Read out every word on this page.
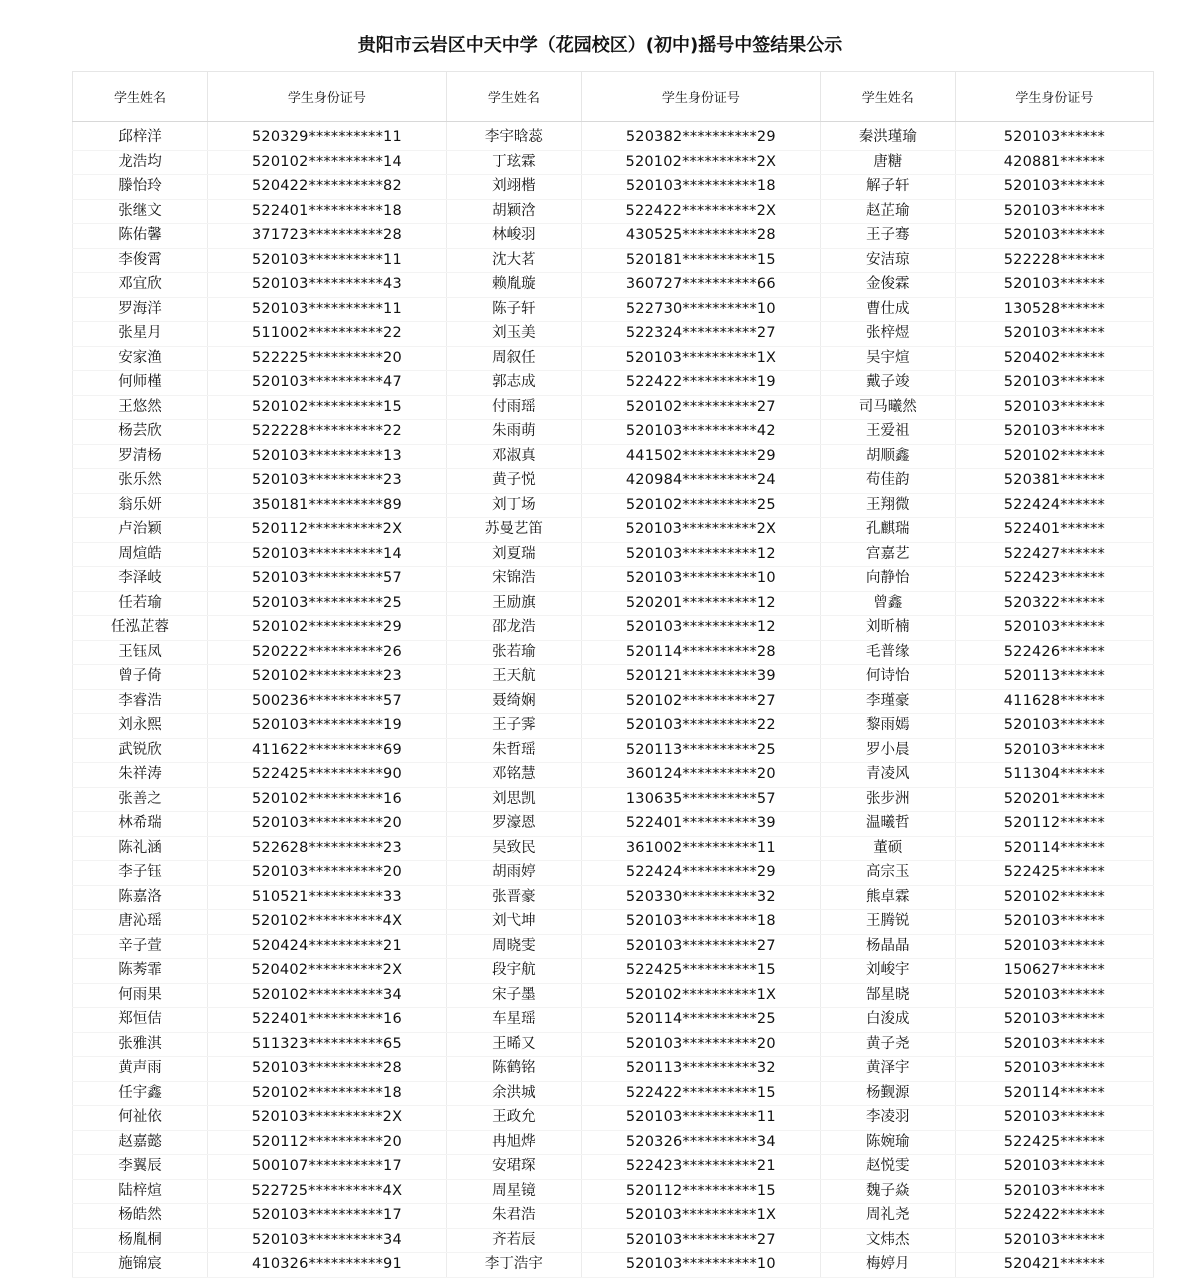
贵阳市云岩区中天中学（花园校区）(初中)摇号中签结果公示
学生姓名	学生身份证号	学生姓名	学生身份证号	学生姓名	学生身份证号

邱梓洋	520329**********11	李宇晗蕊	520382**********29	秦洪瑾瑜	520103******
龙浩均	520102**********14	丁玹霖	520102**********2X	唐糖	420881******
滕怡玲	520422**********82	刘翊楷	520103**********18	解子轩	520103******
张继文	522401**********18	胡颖浛	522422**********2X	赵芷瑜	520103******
陈佑馨	371723**********28	林峻羽	430525**********28	王子骞	520103******
李俊霄	520103**********11	沈大茗	520181**********15	安洁琼	522228******
邓宜欣	520103**********43	赖胤璇	360727**********66	金俊霖	520103******
罗海洋	520103**********11	陈子轩	522730**********10	曹仕成	130528******
张星月	511002**********22	刘玉美	522324**********27	张梓煜	520103******
安家渔	522225**********20	周叙任	520103**********1X	吴宇煊	520402******
何师槿	520103**********47	郭志成	522422**********19	戴子竣	520103******
王悠然	520102**********15	付雨瑶	520102**********27	司马曦然	520103******
杨芸欣	522228**********22	朱雨萌	520103**********42	王爱祖	520103******
罗清杨	520103**********13	邓淑真	441502**********29	胡顺鑫	520102******
张乐然	520103**********23	黄子悦	420984**********24	苟佳韵	520381******
翁乐妍	350181**********89	刘丁场	520102**********25	王翔微	522424******
卢治颖	520112**********2X	苏曼艺笛	520103**********2X	孔麒瑞	522401******
周煊皓	520103**********14	刘夏瑞	520103**********12	宫嘉艺	522427******
李泽岐	520103**********57	宋锦浩	520103**********10	向静怡	522423******
任若瑜	520103**********25	王励旗	520201**********12	曾鑫	520322******
任泓芷蓉	520102**********29	邵龙浩	520103**********12	刘昕楠	520103******
王钰凤	520222**********26	张若瑜	520114**********28	毛普缘	522426******
曾子倚	520102**********23	王天航	520121**********39	何诗怡	520113******
李睿浩	500236**********57	聂绮娴	520102**********27	李瑾豪	411628******
刘永熙	520103**********19	王子霁	520103**********22	黎雨嫣	520103******
武锐欣	411622**********69	朱哲瑶	520113**********25	罗小晨	520103******
朱祥涛	522425**********90	邓铭慧	360124**********20	青凌风	511304******
张善之	520102**********16	刘思凯	130635**********57	张步洲	520201******
林希瑞	520103**********20	罗濠恩	522401**********39	温曦哲	520112******
陈礼涵	522628**********23	吴致民	361002**********11	董硕	520114******
李子钰	520103**********20	胡雨婷	522424**********29	高宗玉	522425******
陈嘉洛	510521**********33	张晋豪	520330**********32	熊卓霖	520102******
唐沁瑶	520102**********4X	刘弋坤	520103**********18	王腾锐	520103******
辛子萱	520424**********21	周晓雯	520103**********27	杨晶晶	520103******
陈莠霏	520402**********2X	段宇航	522425**********15	刘峻宇	150627******
何雨果	520102**********34	宋子墨	520102**********1X	郜星晓	520103******
郑恒佶	522401**********16	车星瑶	520114**********25	白浚成	520103******
张雅淇	511323**********65	王晞又	520103**********20	黄子尧	520103******
黄声雨	520103**********28	陈鹤铭	520113**********32	黄泽宇	520103******
任宇鑫	520102**********18	余洪城	522422**********15	杨觐源	520114******
何祉依	520103**********2X	王政允	520103**********11	李凌羽	520103******
赵嘉懿	520112**********20	冉旭烨	520326**********34	陈婉瑜	522425******
李翼辰	500107**********17	安珺琛	522423**********21	赵悦雯	520103******
陆梓煊	522725**********4X	周星镜	520112**********15	魏子焱	520103******
杨皓然	520103**********17	朱君浩	520103**********1X	周礼尧	522422******
杨胤桐	520103**********34	齐若辰	520103**********27	文炜杰	520103******
施锦宸	410326**********91	李丁浩宇	520103**********10	梅婷月	520421******
